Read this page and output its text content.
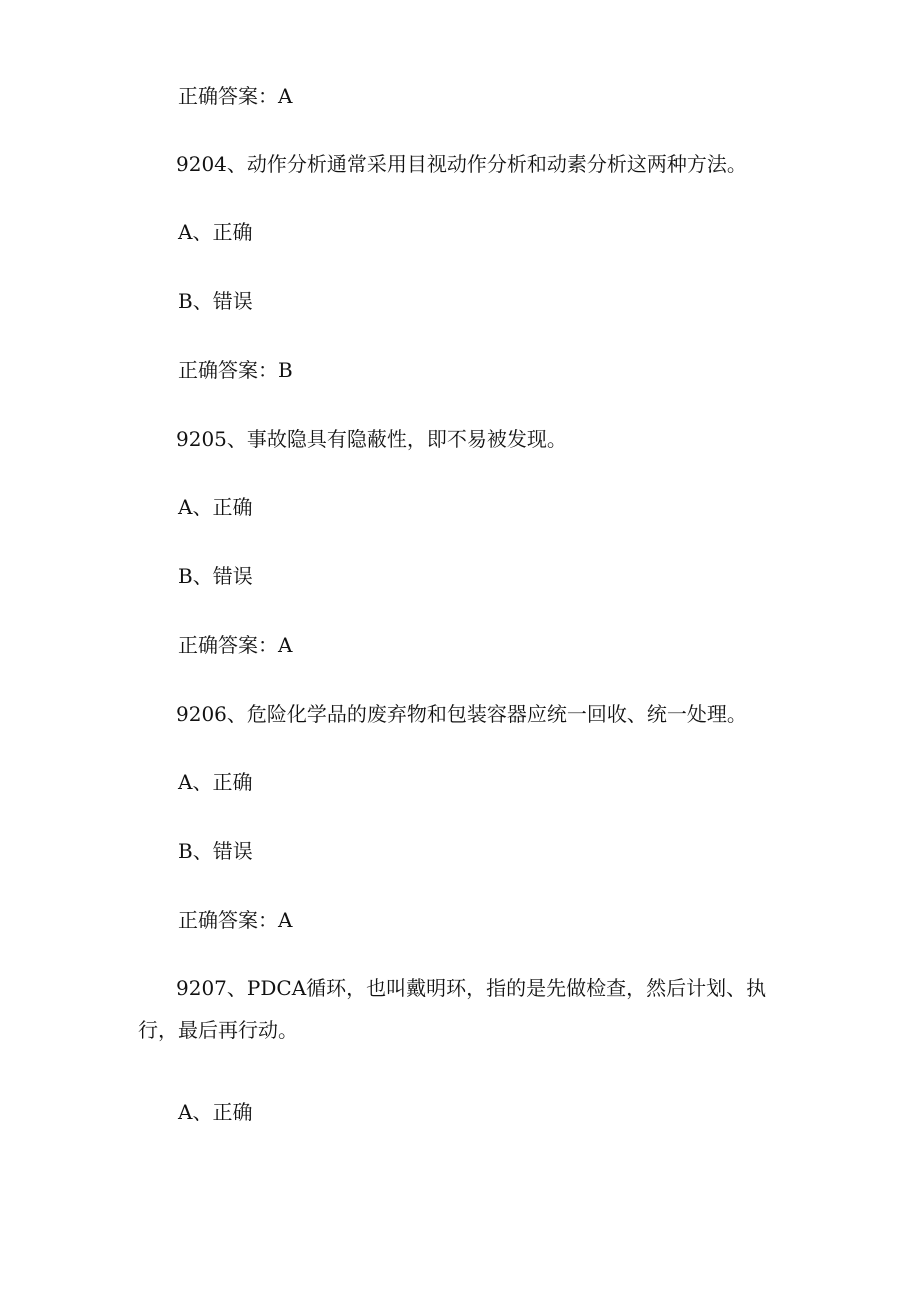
正确答案：A

9204、动作分析通常采用目视动作分析和动素分析这两种方法。

A、正确

B、错误

正确答案：B

9205、事故隐具有隐蔽性，即不易被发现。

A、正确

B、错误

正确答案：A

9206、危险化学品的废弃物和包装容器应统一回收、统一处理。

A、正确

B、错误

正确答案：A

9207、PDCA循环，也叫戴明环，指的是先做检查，然后计划、执行，最后再行动。

A、正确
